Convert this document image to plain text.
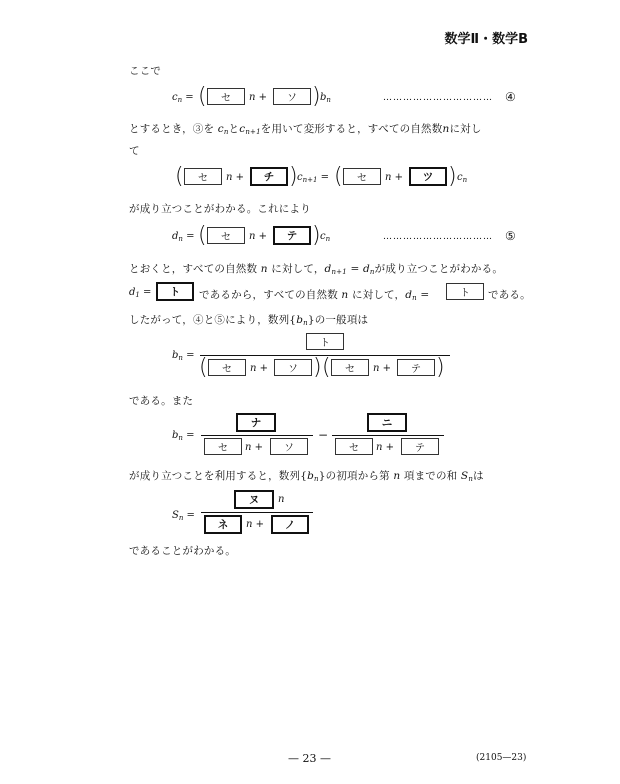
数学Ⅱ・数学B
ここで
$c_n$ = (	セ	n +	ソ ) $b_n$	…………………………… ④
とするとき，③を $c_n$と$c_{n+1}$を用いて変形すると，すべての自然数nに対し
て
(	セ	n +	チ ) $c_{n+1}$ = (	セ	n +	ツ ) $c_n$
が成り立つことがわかる。これにより
$d_n$ = (	セ	n +	テ ) $c_n$	…………………………… ⑤
とおくと，すべての自然数 n に対して，$d_{n+1} = d_n$が成り立つことがわかる。
$d_1$ =	ト	であるから，すべての自然数 n に対して，$d_n$ =	ト	である。
したがって，④と⑤により，数列$\{b_n\}$の一般項は
$b_n$ =
ト
(	セ	n +	ソ ) (	セ	n +	テ )
である。また
$b_n$ =
ナ
セ	n +	ソ
−
ニ
セ	n +	テ
が成り立つことを利用すると，数列$\{b_n\}$の初項から第 n 項までの和 $S_n$は
$S_n$ =
ヌ	n
ネ	n +	ノ
であることがわかる。
— 23 —	(2105—23)
